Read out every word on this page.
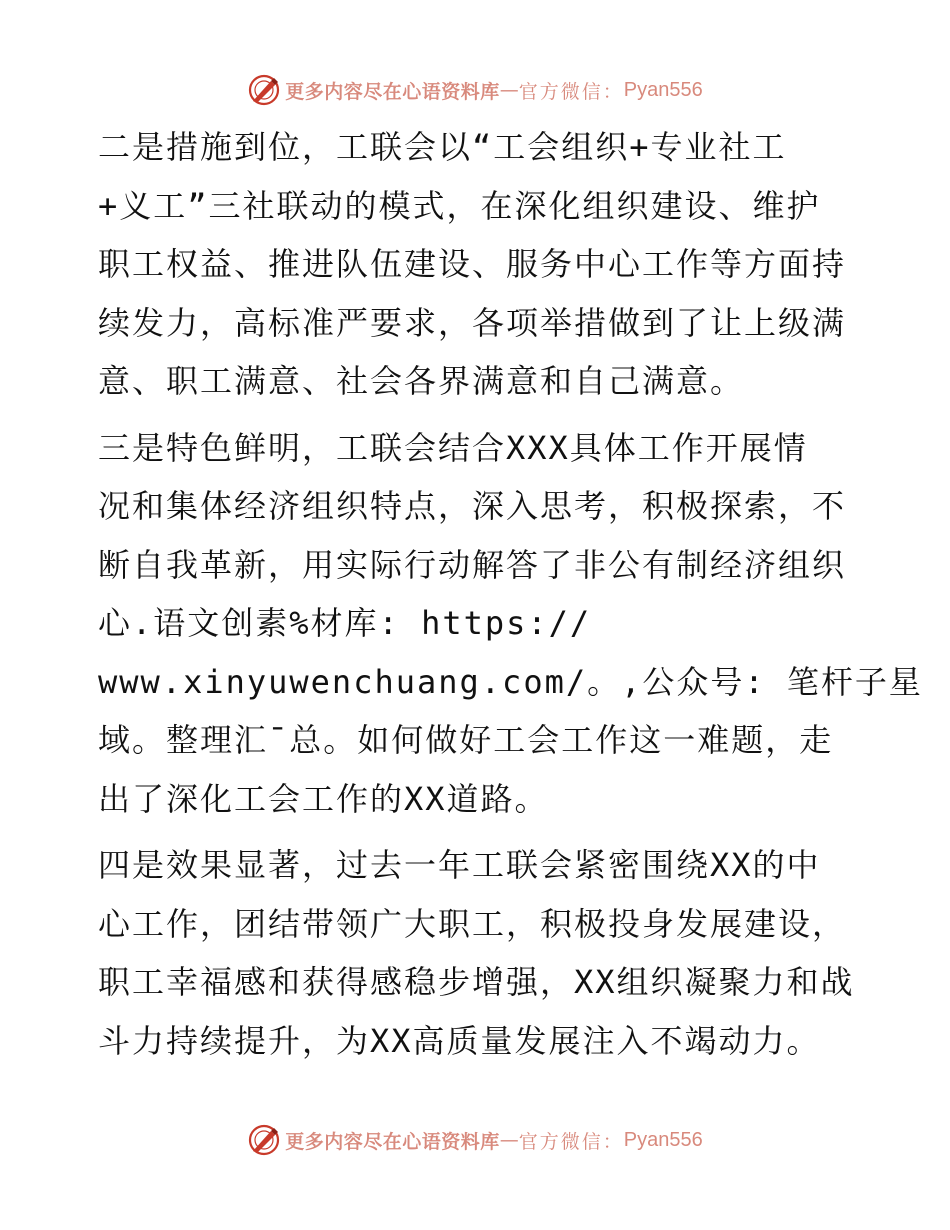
更多内容尽在心语资料库 — 官方微信： Pyan556
二是措施到位，工联会以“工会组织+专业社工
+义工”三社联动的模式，在深化组织建设、维护
职工权益、推进队伍建设、服务中心工作等方面持
续发力，高标准严要求，各项举措做到了让上级满
意、职工满意、社会各界满意和自己满意。
三是特色鲜明，工联会结合XXX具体工作开展情
况和集体经济组织特点，深入思考，积极探索，不
断自我革新，用实际行动解答了非公有制经济组织
心.语文创素%材库: https://
www.xinyuwenchuang.com/。,公众号: 笔杆子星
域。整理汇¯总。如何做好工会工作这一难题，走
出了深化工会工作的XX道路。
四是效果显著，过去一年工联会紧密围绕XX的中
心工作，团结带领广大职工，积极投身发展建设，
职工幸福感和获得感稳步增强，XX组织凝聚力和战
斗力持续提升，为XX高质量发展注入不竭动力。
更多内容尽在心语资料库 — 官方微信： Pyan556
